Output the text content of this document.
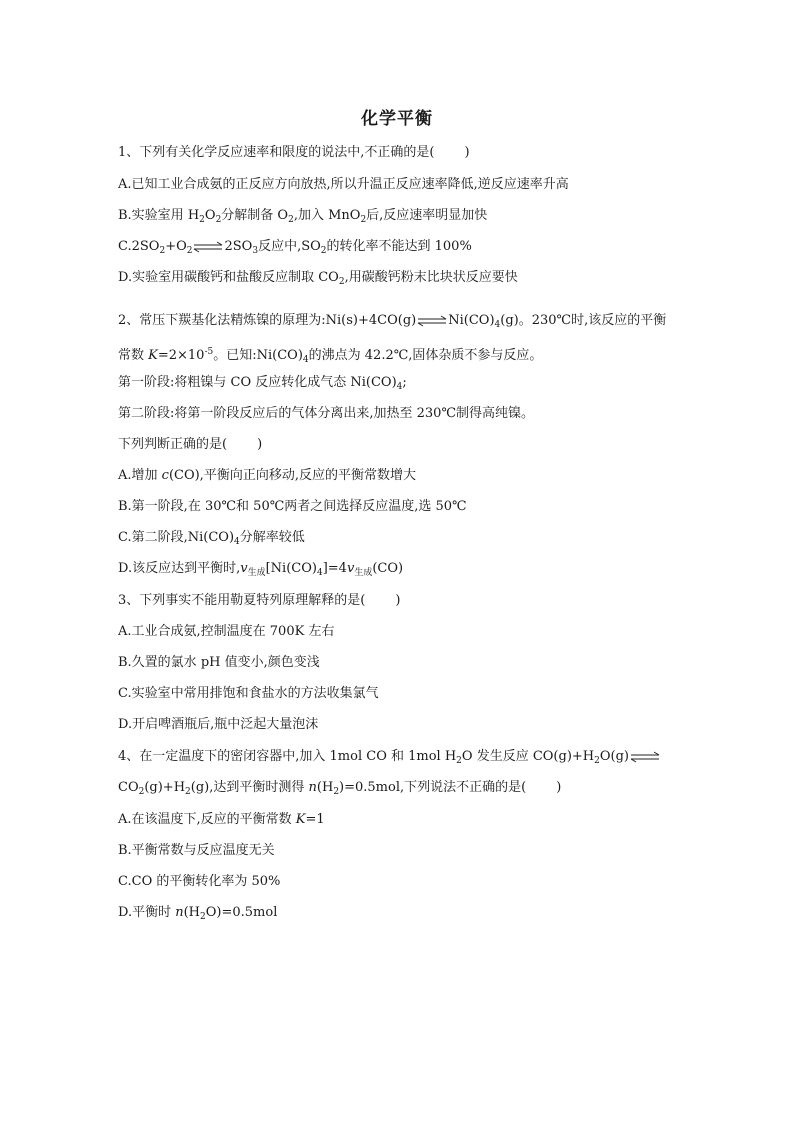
化学平衡
1、下列有关化学反应速率和限度的说法中,不正确的是( )
A.已知工业合成氨的正反应方向放热,所以升温正反应速率降低,逆反应速率升高
B.实验室用 $H_2O_2$分解制备 $O_2$,加入 MnO$_2$后,反应速率明显加快
$C.2SO_2+O_2\rightleftharpoons 2SO_3$反应中$,SO_2$的转化率不能达到 100%
D.实验室用碳酸钙和盐酸反应制取 $CO_2$,用碳酸钙粉末比块状反应要快
2、常压下羰基化法精炼镍的原理为$:Ni(s)+4CO(g)\rightleftharpoons Ni(CO)_4(g)$。230℃时,该反应的平衡
常数 $K=2\times 10^{-5}$。已知$:Ni(CO)_4$的沸点为 42.2℃,固体杂质不参与反应。
第一阶段:将粗镍与 CO 反应转化成气态 $Ni(CO)_4$;
第二阶段:将第一阶段反应后的气体分离出来,加热至 230℃制得高纯镍。
下列判断正确的是( )
A.增加 c(CO),平衡向正向移动,反应的平衡常数增大
B.第一阶段,在 30℃和 50℃两者之间选择反应温度,选 50℃
C.第二阶段$,Ni(CO)_4$分解率较低
D.该反应达到平衡时$,v_{生成}[Ni(CO)_4]=4v_{生成}(CO)$
3、下列事实不能用勒夏特列原理解释的是( )
A.工业合成氨,控制温度在 700K 左右
B.久置的氯水 pH 值变小,颜色变浅
C.实验室中常用排饱和食盐水的方法收集氯气
D.开启啤酒瓶后,瓶中泛起大量泡沫
4、在一定温度下的密闭容器中,加入 1mol CO 和 1mol $H_2O$ 发生反应 $CO(g)+H_2O(g)\rightleftharpoons$
$CO_2(g)+H_2(g)$,达到平衡时测得 $n(H_2)=0.5mol$,下列说法不正确的是( )
A.在该温度下,反应的平衡常数 K=1
B.平衡常数与反应温度无关
C.CO 的平衡转化率为 50%
D.平衡时 $n(H_2O)=0.5mol$
